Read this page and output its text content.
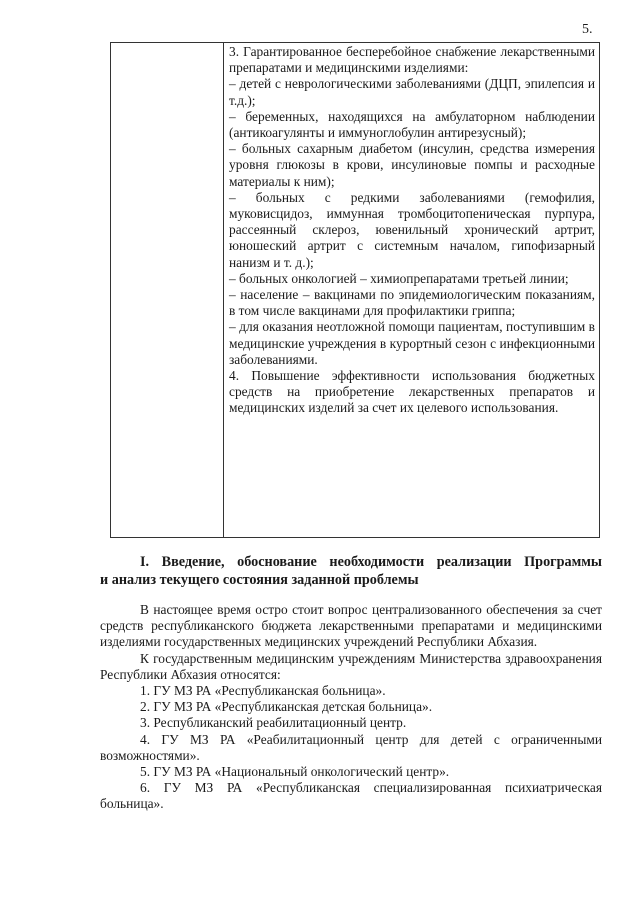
5.

3. Гарантированное бесперебойное снабжение лекарственными препаратами и медицинскими изделиями:

– детей с неврологическими заболеваниями (ДЦП, эпилепсия и т.д.);

– беременных, находящихся на амбулаторном наблюдении (антикоагулянты и иммуноглобулин антирезусный);

– больных сахарным диабетом (инсулин, средства измерения уровня глюкозы в крови, инсулиновые помпы и расходные материалы к ним);

– больных с редкими заболеваниями (гемофилия, муковисцидоз, иммунная тромбоцитопеническая пурпура, рассеянный склероз, ювенильный хронический артрит, юношеский артрит с системным началом, гипофизарный нанизм и т. д.);

– больных онкологией – химиопрепаратами третьей линии;

– население – вакцинами по эпидемиологическим показаниям, в том числе вакцинами для профилактики гриппа;

– для оказания неотложной помощи пациентам, поступившим в медицинские учреждения в курортный сезон с инфекционными заболеваниями.

4. Повышение эффективности использования бюджетных средств на приобретение лекарственных препаратов и медицинских изделий за счет их целевого использования.

I. Введение, обоснование необходимости реализации Программы
и анализ текущего состояния заданной проблемы

В настоящее время остро стоит вопрос централизованного обеспечения за счет средств республиканского бюджета лекарственными препаратами и медицинскими изделиями государственных медицинских учреждений Республики Абхазия.

К государственным медицинским учреждениям Министерства здравоохранения Республики Абхазия относятся:

1. ГУ МЗ РА «Республиканская больница».

2. ГУ МЗ РА «Республиканская детская больница».

3. Республиканский реабилитационный центр.

4. ГУ МЗ РА «Реабилитационный центр для детей с ограниченными возможностями».

5. ГУ МЗ РА «Национальный онкологический центр».

6. ГУ МЗ РА «Республиканская специализированная психиатрическая больница».
